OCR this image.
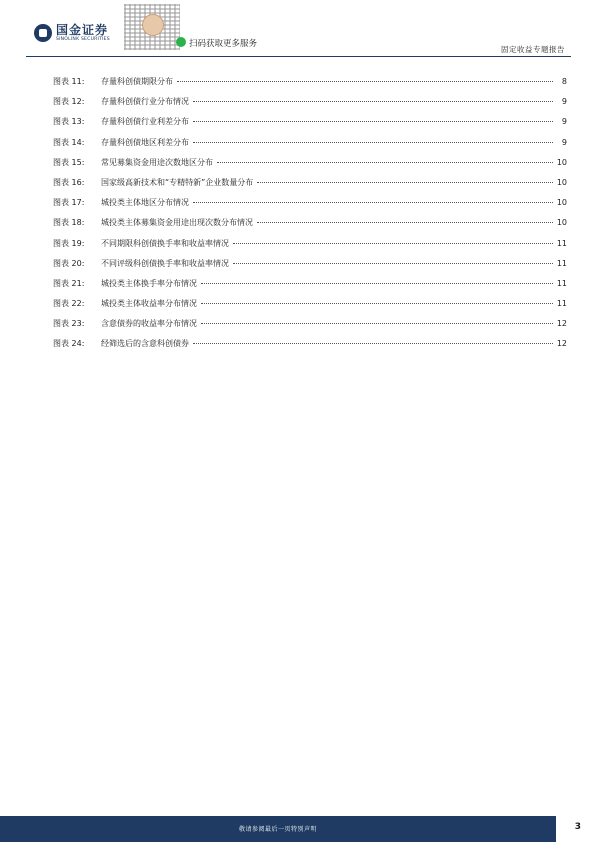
国金证券
SINOLINK SECURITIES	扫码获取更多服务
固定收益专题报告
图表 11:	存量科创债期限分布	8
图表 12:	存量科创债行业分布情况	9
图表 13:	存量科创债行业利差分布	9
图表 14:	存量科创债地区利差分布	9
图表 15:	常见募集资金用途次数地区分布	10
图表 16:	国家级高新技术和“专精特新”企业数量分布	10
图表 17:	城投类主体地区分布情况	10
图表 18:	城投类主体募集资金用途出现次数分布情况	10
图表 19:	不同期限科创债换手率和收益率情况	11
图表 20:	不同评级科创债换手率和收益率情况	11
图表 21:	城投类主体换手率分布情况	11
图表 22:	城投类主体收益率分布情况	11
图表 23:	含意债券的收益率分布情况	12
图表 24:	经筛选后的含意科创债券	12
敬请参阅最后一页特别声明	3
